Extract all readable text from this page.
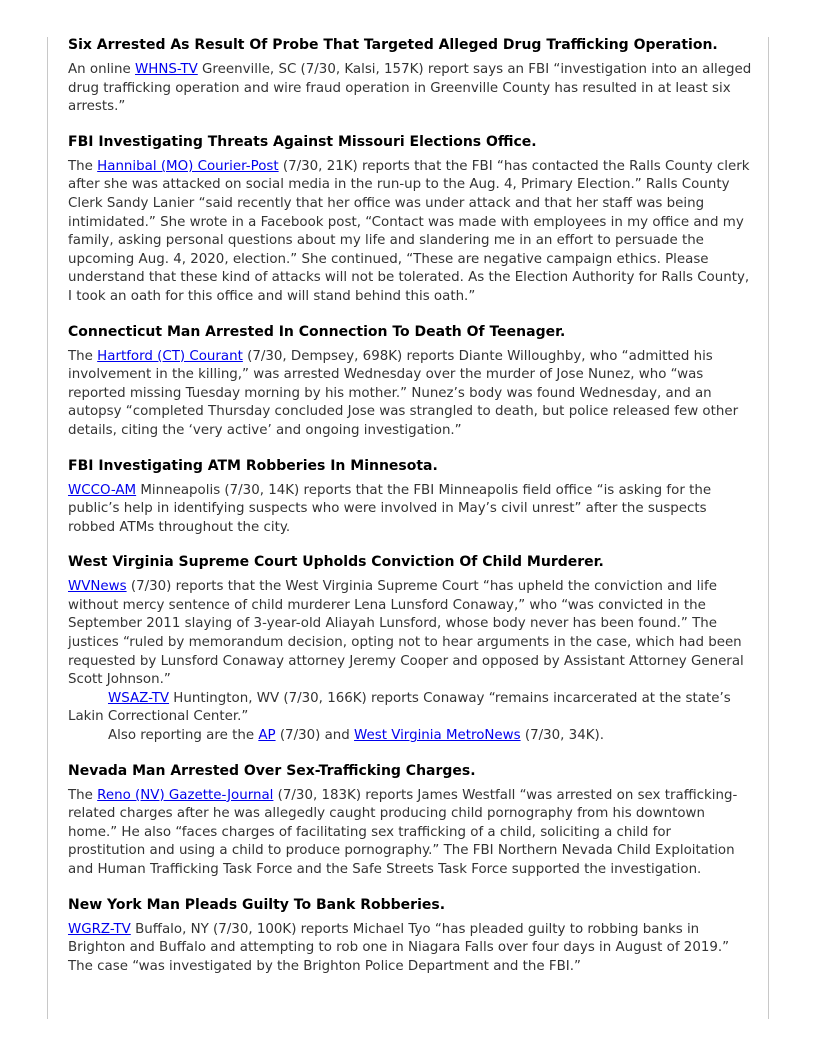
Six Arrested As Result Of Probe That Targeted Alleged Drug Trafficking Operation.

An online WHNS-TV Greenville, SC (7/30, Kalsi, 157K) report says an FBI “investigation into an alleged drug trafficking operation and wire fraud operation in Greenville County has resulted in at least six arrests.”

FBI Investigating Threats Against Missouri Elections Office.

The Hannibal (MO) Courier-Post (7/30, 21K) reports that the FBI “has contacted the Ralls County clerk after she was attacked on social media in the run-up to the Aug. 4, Primary Election.” Ralls County Clerk Sandy Lanier “said recently that her office was under attack and that her staff was being intimidated.” She wrote in a Facebook post, “Contact was made with employees in my office and my family, asking personal questions about my life and slandering me in an effort to persuade the upcoming Aug. 4, 2020, election.” She continued, “These are negative campaign ethics. Please understand that these kind of attacks will not be tolerated. As the Election Authority for Ralls County, I took an oath for this office and will stand behind this oath.”

Connecticut Man Arrested In Connection To Death Of Teenager.

The Hartford (CT) Courant (7/30, Dempsey, 698K) reports Diante Willoughby, who “admitted his involvement in the killing,” was arrested Wednesday over the murder of Jose Nunez, who “was reported missing Tuesday morning by his mother.” Nunez’s body was found Wednesday, and an autopsy “completed Thursday concluded Jose was strangled to death, but police released few other details, citing the ‘very active’ and ongoing investigation.”

FBI Investigating ATM Robberies In Minnesota.

WCCO-AM Minneapolis (7/30, 14K) reports that the FBI Minneapolis field office “is asking for the public’s help in identifying suspects who were involved in May’s civil unrest” after the suspects robbed ATMs throughout the city.

West Virginia Supreme Court Upholds Conviction Of Child Murderer.

WVNews (7/30) reports that the West Virginia Supreme Court “has upheld the conviction and life without mercy sentence of child murderer Lena Lunsford Conaway,” who “was convicted in the September 2011 slaying of 3-year-old Aliayah Lunsford, whose body never has been found.” The justices “ruled by memorandum decision, opting not to hear arguments in the case, which had been requested by Lunsford Conaway attorney Jeremy Cooper and opposed by Assistant Attorney General Scott Johnson.”

WSAZ-TV Huntington, WV (7/30, 166K) reports Conaway “remains incarcerated at the state’s Lakin Correctional Center.”

Also reporting are the AP (7/30) and West Virginia MetroNews (7/30, 34K).

Nevada Man Arrested Over Sex-Trafficking Charges.

The Reno (NV) Gazette-Journal (7/30, 183K) reports James Westfall “was arrested on sex trafficking-related charges after he was allegedly caught producing child pornography from his downtown home.” He also “faces charges of facilitating sex trafficking of a child, soliciting a child for prostitution and using a child to produce pornography.” The FBI Northern Nevada Child Exploitation and Human Trafficking Task Force and the Safe Streets Task Force supported the investigation.

New York Man Pleads Guilty To Bank Robberies.

WGRZ-TV Buffalo, NY (7/30, 100K) reports Michael Tyo “has pleaded guilty to robbing banks in Brighton and Buffalo and attempting to rob one in Niagara Falls over four days in August of 2019.” The case “was investigated by the Brighton Police Department and the FBI.”
